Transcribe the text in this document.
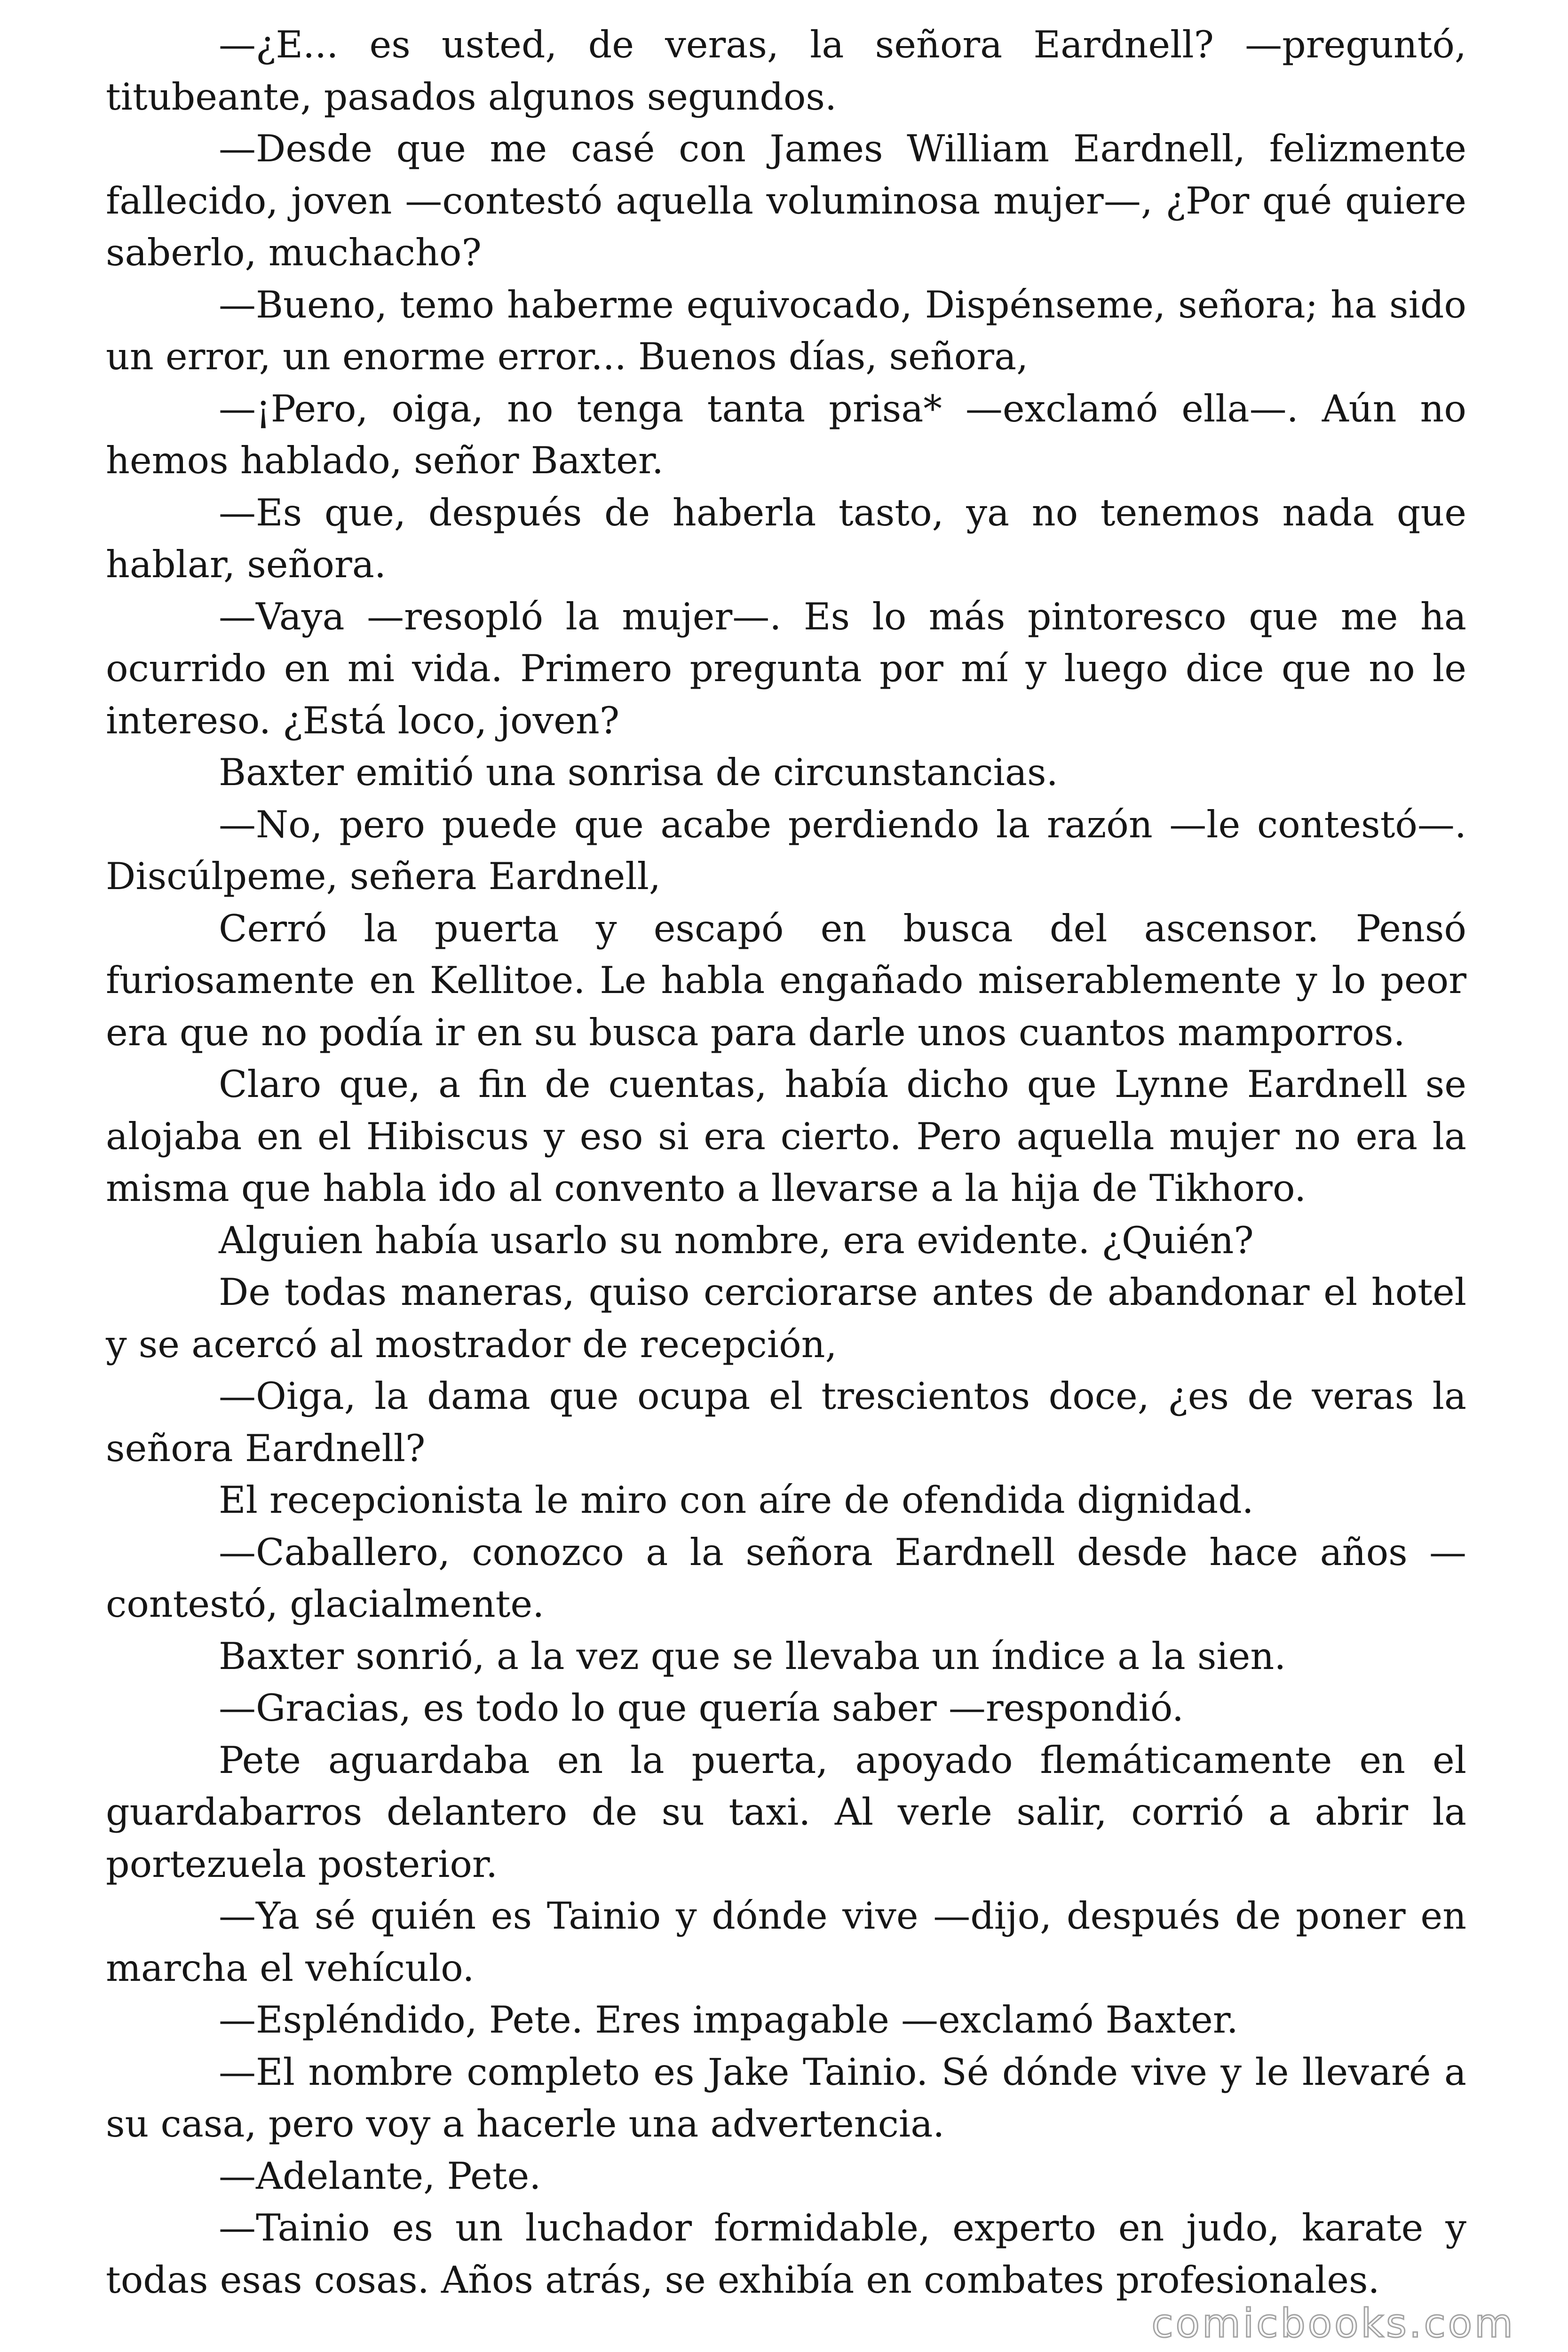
—¿E... es usted, de veras, la señora Eardnell? —preguntó, titubeante, pasados algunos segundos.

—Desde que me casé con James William Eardnell, felizmente fallecido, joven —contestó aquella voluminosa mujer—, ¿Por qué quiere saberlo, muchacho?

—Bueno, temo haberme equivocado, Dispénseme, señora; ha sido un error, un enorme error... Buenos días, señora,

—¡Pero, oiga, no tenga tanta prisa* —exclamó ella—. Aún no hemos hablado, señor Baxter.

—Es que, después de haberla tasto, ya no tenemos nada que hablar, señora.

—Vaya —resopló la mujer—. Es lo más pintoresco que me ha ocurrido en mi vida. Primero pregunta por mí y luego dice que no le intereso. ¿Está loco, joven?

Baxter emitió una sonrisa de circunstancias.

—No, pero puede que acabe perdiendo la razón —le contestó—. Discúlpeme, señera Eardnell,

Cerró la puerta y escapó en busca del ascensor. Pensó furiosamente en Kellitoe. Le habla engañado miserablemente y lo peor era que no podía ir en su busca para darle unos cuantos mamporros.

Claro que, a fin de cuentas, había dicho que Lynne Eardnell se alojaba en el Hibiscus y eso si era cierto. Pero aquella mujer no era la misma que habla ido al convento a llevarse a la hija de Tikhoro.

Alguien había usarlo su nombre, era evidente. ¿Quién?

De todas maneras, quiso cerciorarse antes de abandonar el hotel y se acercó al mostrador de recepción,

—Oiga, la dama que ocupa el trescientos doce, ¿es de veras la señora Eardnell?

El recepcionista le miro con aíre de ofendida dignidad.

—Caballero, conozco a la señora Eardnell desde hace años —contestó, glacialmente.

Baxter sonrió, a la vez que se llevaba un índice a la sien.

—Gracias, es todo lo que quería saber —respondió.

Pete aguardaba en la puerta, apoyado flemáticamente en el guardabarros delantero de su taxi. Al verle salir, corrió a abrir la portezuela posterior.

—Ya sé quién es Tainio y dónde vive —dijo, después de poner en marcha el vehículo.

—Espléndido, Pete. Eres impagable —exclamó Baxter.

—El nombre completo es Jake Tainio. Sé dónde vive y le llevaré a su casa, pero voy a hacerle una advertencia.

—Adelante, Pete.

—Tainio es un luchador formidable, experto en judo, karate y todas esas cosas. Años atrás, se exhibía en combates profesionales.

comicbooks.com
